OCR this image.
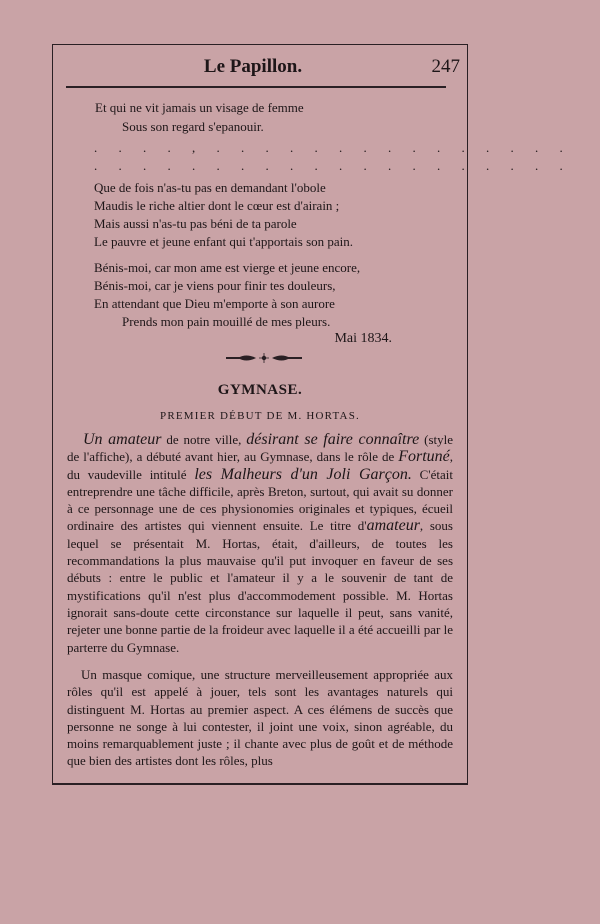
Le Papillon.	247
Et qui ne vit jamais un visage de femme
Sous son regard s'epanouir.
. . . . , . . . . . . . . . . . . . . .
. . . . . . . . . . . . . . . . . . . .
Que de fois n'as-tu pas en demandant l'obole
Maudis le riche altier dont le cœur est d'airain ;
Mais aussi n'as-tu pas béni de ta parole
Le pauvre et jeune enfant qui t'apportais son pain.
Bénis-moi, car mon ame est vierge et jeune encore,
Bénis-moi, car je viens pour finir tes douleurs,
En attendant que Dieu m'emporte à son aurore
Prends mon pain mouillé de mes pleurs.
Mai 1834.
GYMNASE.
PREMIER DÉBUT DE M. HORTAS.
Un amateur de notre ville, désirant se faire connaître (style de l'affiche), a débuté avant hier, au Gymnase, dans le rôle de Fortuné, du vaudeville intitulé les Malheurs d'un Joli Garçon. C'était entreprendre une tâche difficile, après Breton, surtout, qui avait su donner à ce personnage une de ces physionomies originales et typiques, écueil ordinaire des artistes qui viennent ensuite. Le titre d'amateur, sous lequel se présentait M. Hortas, était, d'ailleurs, de toutes les recommandations la plus mauvaise qu'il put invoquer en faveur de ses débuts : entre le public et l'amateur il y a le souvenir de tant de mystifications qu'il n'est plus d'accommodement possible. M. Hortas ignorait sans-doute cette circonstance sur laquelle il peut, sans vanité, rejeter une bonne partie de la froideur avec laquelle il a été accueilli par le parterre du Gymnase.
Un masque comique, une structure merveilleusement appropriée aux rôles qu'il est appelé à jouer, tels sont les avantages naturels qui distinguent M. Hortas au premier aspect. A ces élémens de succès que personne ne songe à lui contester, il joint une voix, sinon agréable, du moins remarquablement juste ; il chante avec plus de goût et de méthode que bien des artistes dont les rôles, plus
